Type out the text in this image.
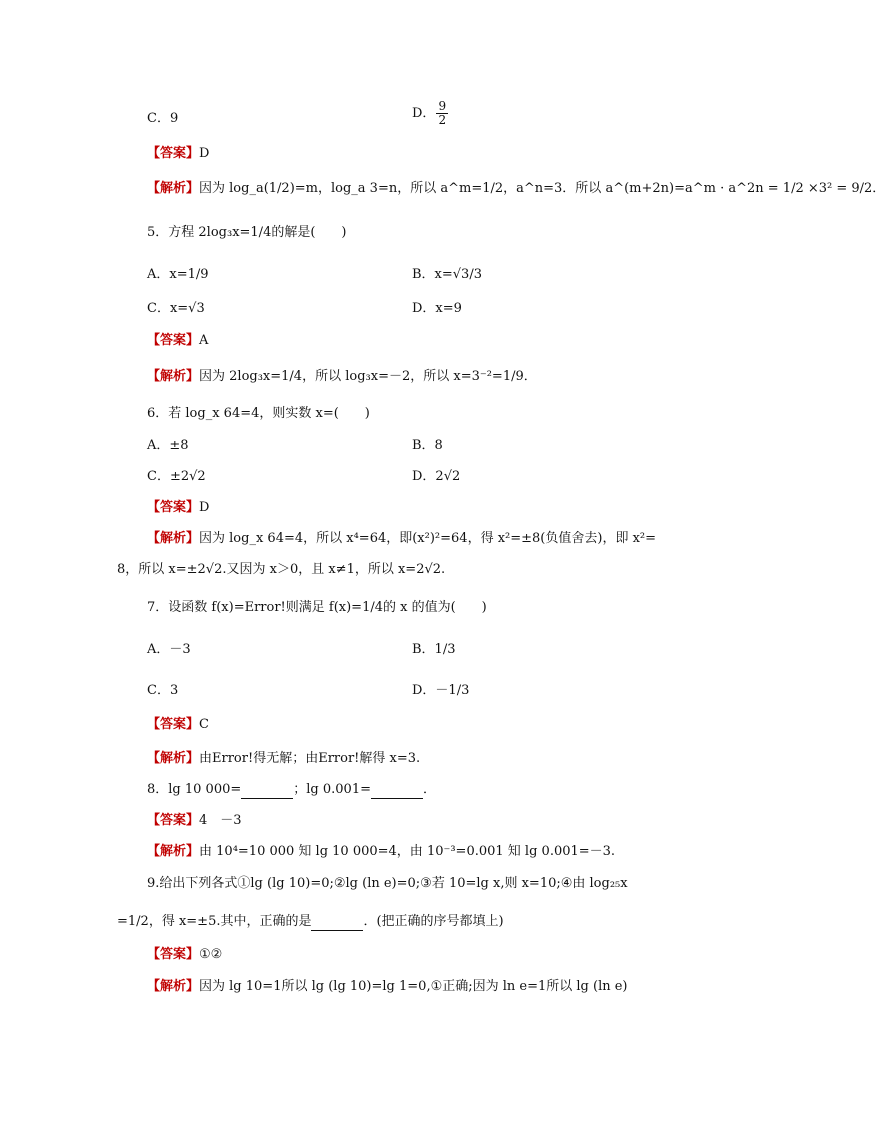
C．9	D． $\frac{9}{2}$
【答案】D
【解析】因为 log_a(1/2)=m，log_a 3=n，所以 a^m=1/2，a^n=3．所以 a^(m+2n)=a^m · a^2n = 1/2 ×3² = 9/2．
5．方程 2log₃x=1/4的解是(　　)
A．x=1/9	B．x=√3/3
C．x=√3	D．x=9
【答案】A
【解析】因为 2log₃x=1/4，所以 log₃x=－2，所以 x=3⁻²=1/9．
6．若 log_x 64=4，则实数 x=(　　)
A．±8	B．8
C．±2√2	D．2√2
【答案】D
【解析】因为 log_x 64=4，所以 x⁴=64，即(x²)²=64，得 x²=±8(负值舍去)，即 x²=
8，所以 x=±2√2.又因为 x＞0，且 x≠1，所以 x=2√2.
7．设函数 f(x)=Error!则满足 f(x)=1/4的 x 的值为(　　)
A．－3	B．1/3
C．3	D．－1/3
【答案】C
【解析】由Error!得无解；由Error!解得 x=3.
8．lg 10 000=	；lg 0.001=	．
【答案】4　－3
【解析】由 10⁴=10 000 知 lg 10 000=4，由 10⁻³=0.001 知 lg 0.001=－3.
9.给出下列各式①lg (lg 10)=0;②lg (ln e)=0;③若 10=lg x,则 x=10;④由 log₂₅x
=1/2，得 x=±5.其中，正确的是	．(把正确的序号都填上)
【答案】①②
【解析】因为 lg 10=1所以 lg (lg 10)=lg 1=0,①正确;因为 ln e=1所以 lg (ln e)
